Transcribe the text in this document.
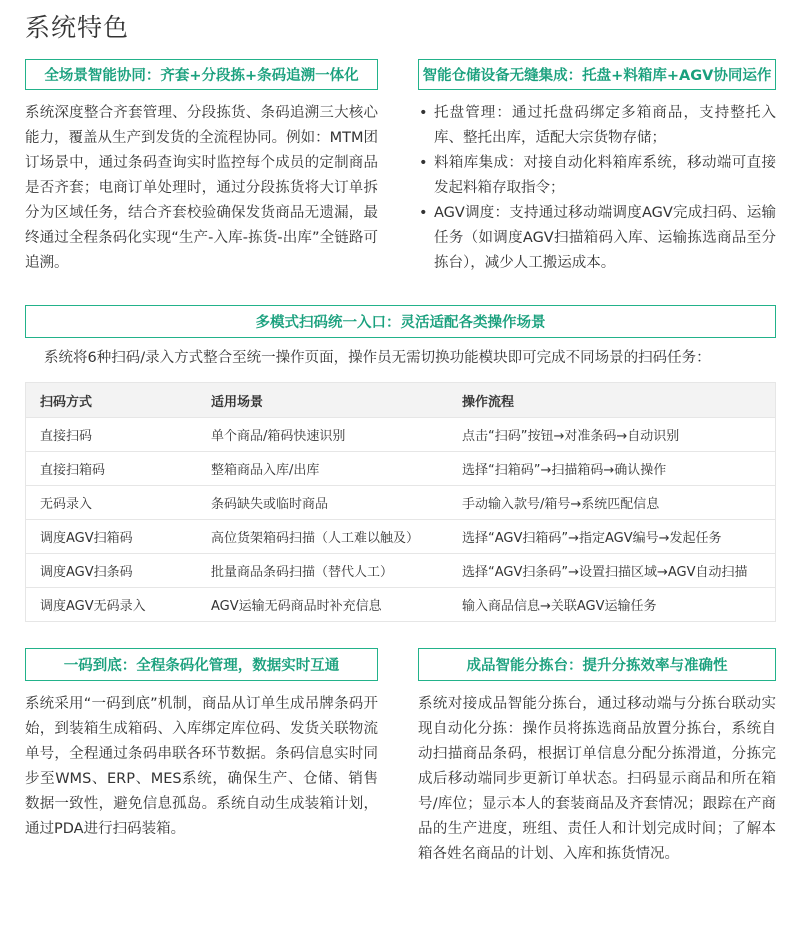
系统特色
全场景智能协同：齐套+分段拣+条码追溯一体化

系统深度整合齐套管理、分段拣货、条码追溯三大核心能力，覆盖从生产到发货的全流程协同。例如：MTM团订场景中，通过条码查询实时监控每个成员的定制商品是否齐套；电商订单处理时，通过分段拣货将大订单拆分为区域任务，结合齐套校验确保发货商品无遗漏，最终通过全程条码化实现“生产-入库-拣货-出库”全链路可追溯。

智能仓储设备无缝集成：托盘+料箱库+AGV协同运作
• 托盘管理：通过托盘码绑定多箱商品，支持整托入库、整托出库，适配大宗货物存储；
• 料箱库集成：对接自动化料箱库系统，移动端可直接发起料箱存取指令；
• AGV调度：支持通过移动端调度AGV完成扫码、运输任务（如调度AGV扫描箱码入库、运输拣选商品至分拣台），减少人工搬运成本。
多模式扫码统一入口：灵活适配各类操作场景
系统将6种扫码/录入方式整合至统一操作页面，操作员无需切换功能模块即可完成不同场景的扫码任务：
扫码方式	适用场景	操作流程
直接扫码	单个商品/箱码快速识别	点击“扫码”按钮→对准条码→自动识别
直接扫箱码	整箱商品入库/出库	选择“扫箱码”→扫描箱码→确认操作
无码录入	条码缺失或临时商品	手动输入款号/箱号→系统匹配信息
调度AGV扫箱码	高位货架箱码扫描（人工难以触及）	选择“AGV扫箱码”→指定AGV编号→发起任务
调度AGV扫条码	批量商品条码扫描（替代人工）	选择“AGV扫条码”→设置扫描区域→AGV自动扫描
调度AGV无码录入	AGV运输无码商品时补充信息	输入商品信息→关联AGV运输任务
一码到底：全程条码化管理，数据实时互通

系统采用“一码到底”机制，商品从订单生成吊牌条码开始，到装箱生成箱码、入库绑定库位码、发货关联物流单号，全程通过条码串联各环节数据。条码信息实时同步至WMS、ERP、MES系统，确保生产、仓储、销售数据一致性，避免信息孤岛。系统自动生成装箱计划，通过PDA进行扫码装箱。

成品智能分拣台：提升分拣效率与准确性

系统对接成品智能分拣台，通过移动端与分拣台联动实现自动化分拣：操作员将拣选商品放置分拣台，系统自动扫描商品条码，根据订单信息分配分拣滑道，分拣完成后移动端同步更新订单状态。扫码显示商品和所在箱号/库位；显示本人的套装商品及齐套情况；跟踪在产商品的生产进度，班组、责任人和计划完成时间；了解本箱各姓名商品的计划、入库和拣货情况。
